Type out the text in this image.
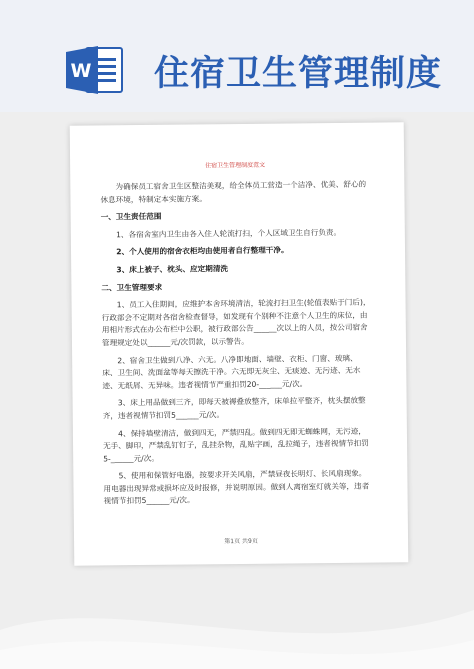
W 住宿卫生管理制度
住宿卫生管理制度范文

为确保员工宿舍卫生区整洁美观，给全体员工营造一个洁净、优美、舒心的休息环境，特制定本实施方案。

一、卫生责任范围

1、各宿舍室内卫生由各入住人轮流打扫，个人区域卫生自行负责。

2、个人使用的宿舍衣柜均由使用者自行整理干净。

3、床上被子、枕头、应定期清洗

二、卫生管理要求

1、员工入住期间，应维护本舍环境清洁，轮流打扫卫生(轮值表贴于门后)，行政部会不定期对各宿舍检查督导，如发现有个别种不注意个人卫生的床位，由用相片形式在办公布栏中公职，被行政部公告______次以上的人员，按公司宿舍管理规定处以______元/次罚款，以示警告。

2、宿舍卫生做到八净、六无。八净即地面、墙壁、衣柜、门窗、玻璃、床、卫生间、洗面盆等每天擦洗干净。六无即无灰尘、无痰迹、无污迹、无水迹、无纸屑、无异味。违者视情节严重扣罚20-______元/次。

3、床上用品做到三齐，即每天被褥叠放整齐，床单拉平整齐，枕头摆放整齐，违者视情节扣罚5______元/次。

4、保持墙壁清洁，做到四无，严禁四乱。做到四无即无蜘蛛网，无污迹，无手、脚印，严禁乱钉钉子，乱挂杂物，乱贴字画，乱拉绳子，违者视情节扣罚5-______元/次。

5、使用和保管好电器，按要求开关风扇，严禁昼夜长明灯、长风扇现象。用电器出现异常或损坏应及时报修，并说明原因。做到人离宿室灯就关等，违者视情节扣罚5______元/次。

第1页 共9页
